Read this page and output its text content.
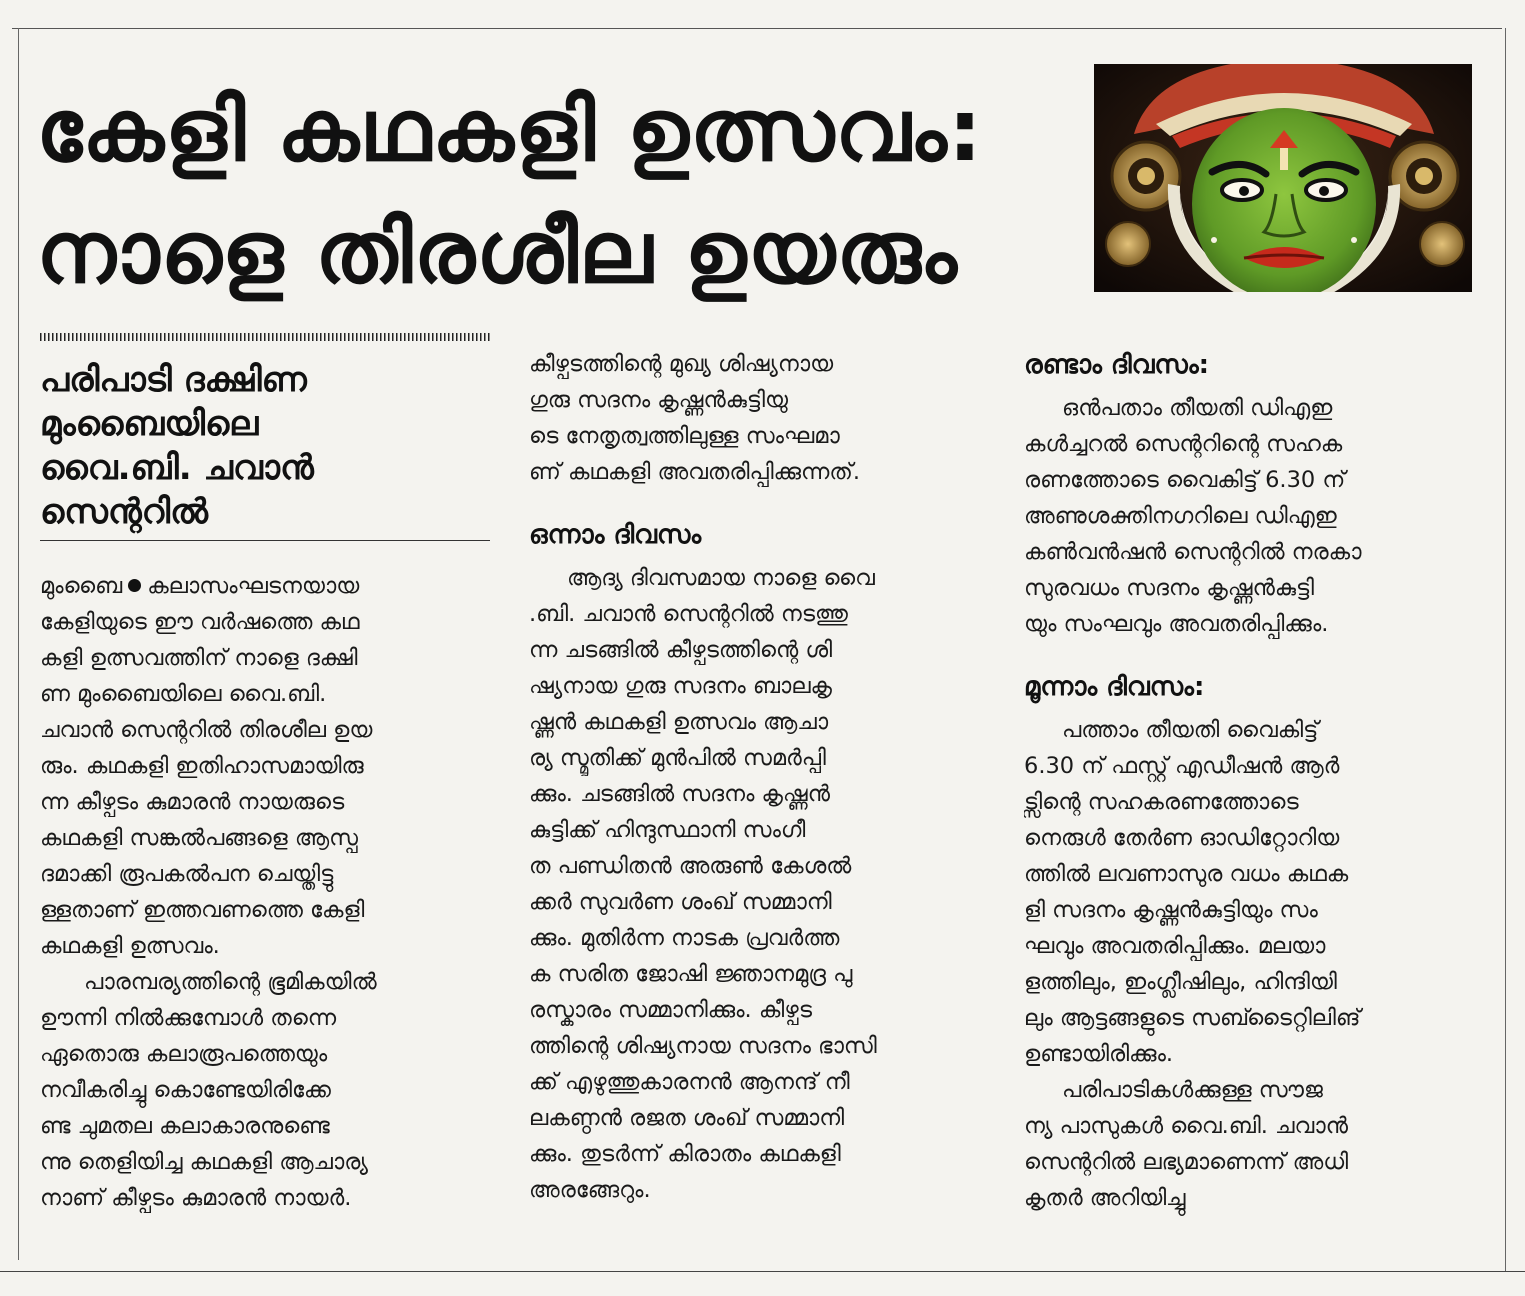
കേളി കഥകളി ഉത്സവം:
നാളെ തിരശീല ഉയരും
പരിപാടി ദക്ഷിണ
മുംബൈയിലെ
വൈ.ബി. ചവാൻ
സെന്ററിൽ
മുംബൈ കലാസംഘടനയായ
കേളിയുടെ ഈ വർഷത്തെ കഥ
കളി ഉത്സവത്തിന് നാളെ ദക്ഷി
ണ മുംബൈയിലെ വൈ.ബി.
ചവാൻ സെന്ററിൽ തിരശീല ഉയ
രും. കഥകളി ഇതിഹാസമായിരു
ന്ന കീഴ്പടം കുമാരൻ നായരുടെ
കഥകളി സങ്കൽപങ്ങളെ ആസ്പ
ദമാക്കി രൂപകൽപന ചെയ്തിട്ടു
ള്ളതാണ് ഇത്തവണത്തെ കേളി
കഥകളി ഉത്സവം.
പാരമ്പര്യത്തിന്റെ ഭൂമികയിൽ
ഊന്നി നിൽക്കുമ്പോൾ തന്നെ
ഏതൊരു കലാരൂപത്തെയും
നവീകരിച്ചു കൊണ്ടേയിരിക്കേ
ണ്ട ചുമതല കലാകാരനുണ്ടെ
ന്നു തെളിയിച്ച കഥകളി ആചാര്യ
നാണ് കീഴ്പടം കുമാരൻ നായർ.
കീഴ്പടത്തിന്റെ മുഖ്യ ശിഷ്യനായ
ഗുരു സദനം കൃഷ്ണൻകുട്ടിയു
ടെ നേതൃത്വത്തിലുള്ള സംഘമാ
ണ് കഥകളി അവതരിപ്പിക്കുന്നത്.
ഒന്നാം ദിവസം
ആദ്യ ദിവസമായ നാളെ വൈ
.ബി. ചവാൻ സെന്ററിൽ നടത്തു
ന്ന ചടങ്ങിൽ കീഴ്പടത്തിന്റെ ശി
ഷ്യനായ ഗുരു സദനം ബാലകൃ
ഷ്ണൻ കഥകളി ഉത്സവം ആചാ
ര്യ സ്മൃതിക്ക് മുൻപിൽ സമർപ്പി
ക്കും. ചടങ്ങിൽ സദനം കൃഷ്ണൻ
കുട്ടിക്ക് ഹിന്ദുസ്ഥാനി സംഗീ
ത പണ്ഡിതൻ അരുൺ കേശൽ
ക്കർ സുവർണ ശംഖ് സമ്മാനി
ക്കും. മുതിർന്ന നാടക പ്രവർത്ത
ക സരിത ജോഷി ജ്ഞാനമുദ്ര പു
രസ്കാരം സമ്മാനിക്കും. കീഴ്പട
ത്തിന്റെ ശിഷ്യനായ സദനം ഭാസി
ക്ക് എഴുത്തുകാരനൻ ആനന്ദ് നീ
ലകണ്ഠൻ രജത ശംഖ് സമ്മാനി
ക്കും. തുടർന്ന് കിരാതം കഥകളി
അരങ്ങേറും.
രണ്ടാം ദിവസം:
ഒൻപതാം തീയതി ഡിഎഇ
കൾച്ചറൽ സെന്ററിന്റെ സഹക
രണത്തോടെ വൈകിട്ട് 6.30 ന്
അണുശക്തിനഗറിലെ ഡിഎഇ
കൺവൻഷൻ സെന്ററിൽ നരകാ
സുരവധം സദനം കൃഷ്ണൻകുട്ടി
യും സംഘവും അവതരിപ്പിക്കും.
മൂന്നാം ദിവസം:
പത്താം തീയതി വൈകിട്ട്
6.30 ന് ഫസ്റ്റ് എഡീഷൻ ആർ
ട്സിന്റെ സഹകരണത്തോടെ
നെരുൾ തേർണ ഓഡിറ്റോറിയ
ത്തിൽ ലവണാസുര വധം കഥക
ളി സദനം കൃഷ്ണൻകുട്ടിയും സം
ഘവും അവതരിപ്പിക്കും. മലയാ
ളത്തിലും, ഇംഗ്ലീഷിലും, ഹിന്ദിയി
ലും ആട്ടങ്ങളുടെ സബ്ടൈറ്റിലിങ്
ഉണ്ടായിരിക്കും.
പരിപാടികൾക്കുള്ള സൗജ
ന്യ പാസുകൾ വൈ.ബി. ചവാൻ
സെന്ററിൽ ലഭ്യമാണെന്ന് അധി
കൃതർ അറിയിച്ചു
